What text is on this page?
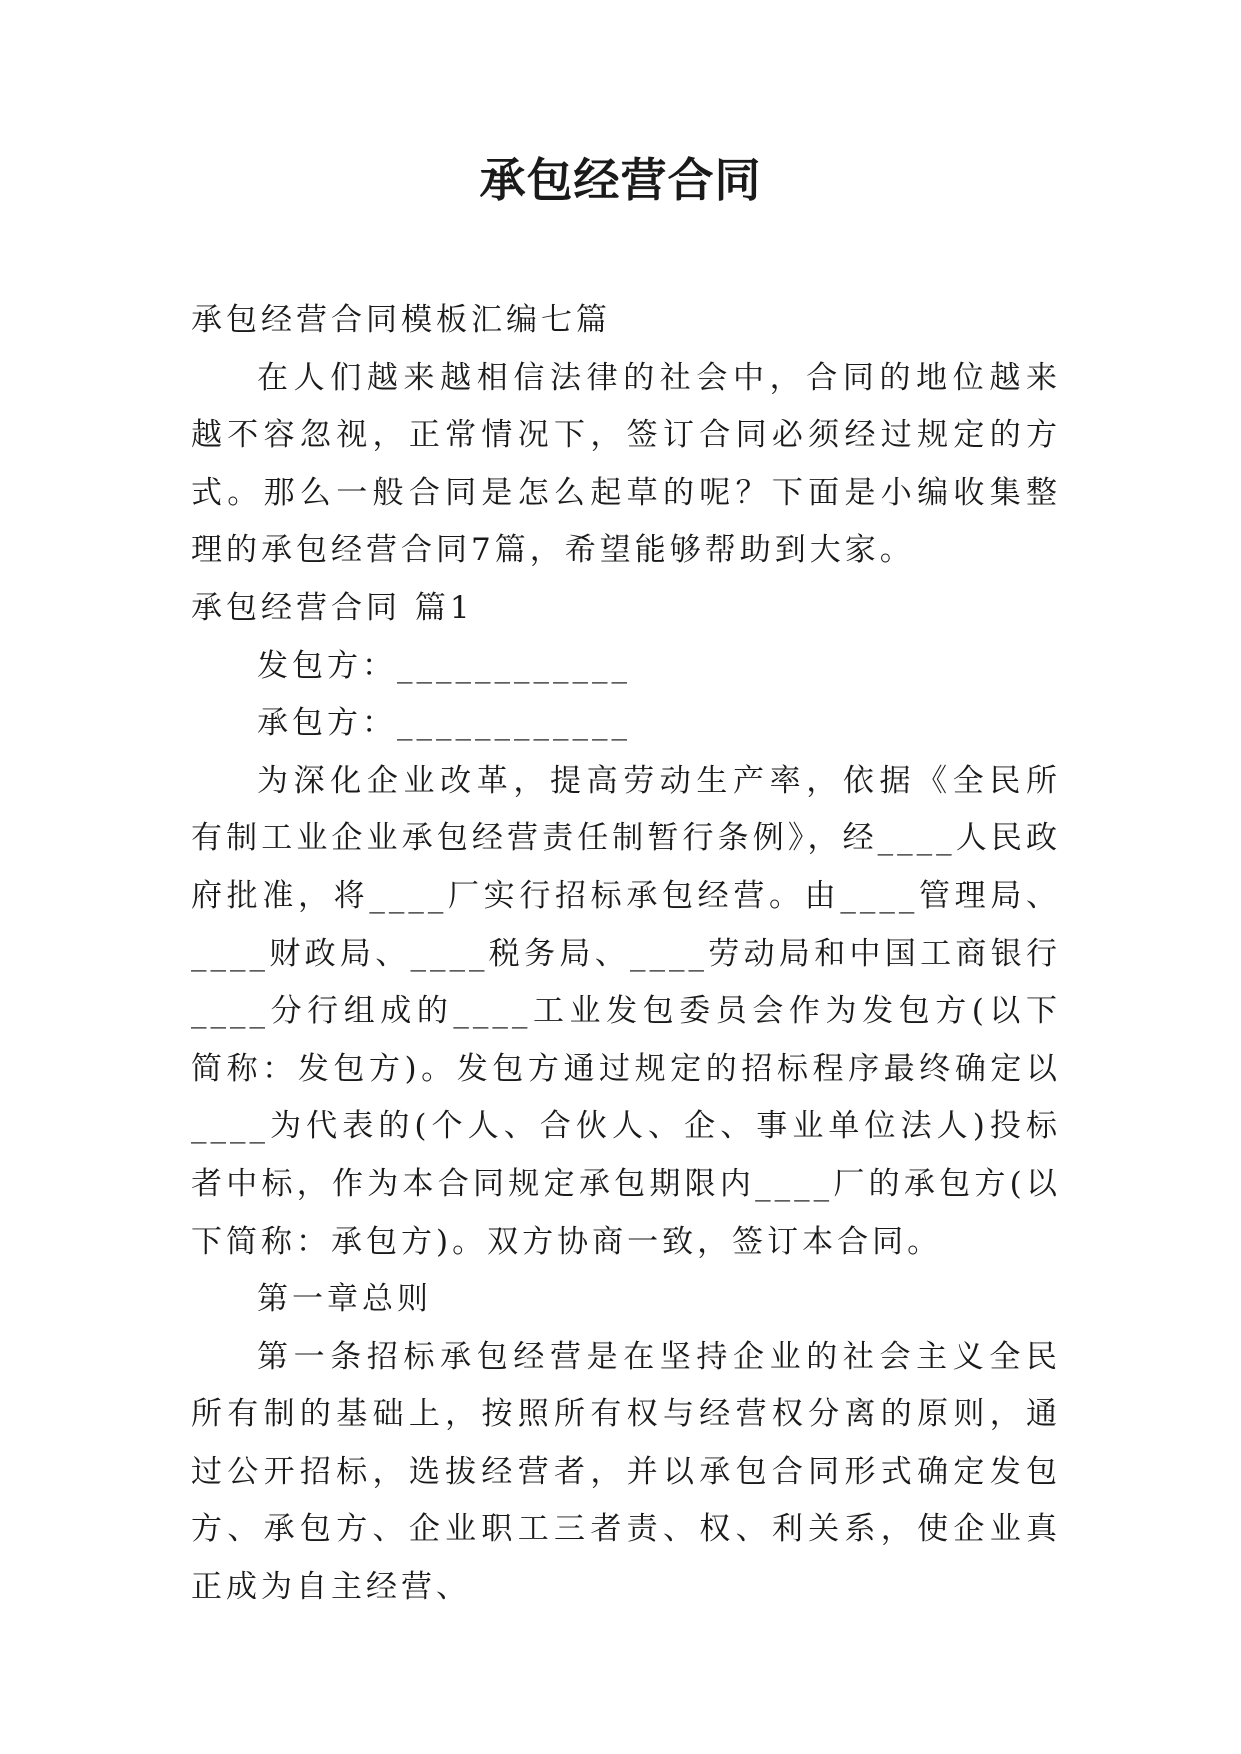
承包经营合同

承包经营合同模板汇编七篇

在人们越来越相信法律的社会中，合同的地位越来越不容忽视，正常情况下，签订合同必须经过规定的方式。那么一般合同是怎么起草的呢？下面是小编收集整理的承包经营合同7篇，希望能够帮助到大家。

承包经营合同 篇1

发包方：____________

承包方：____________

为深化企业改革，提高劳动生产率，依据《全民所有制工业企业承包经营责任制暂行条例》，经____人民政府批准，将____厂实行招标承包经营。由____管理局、____财政局、____税务局、____劳动局和中国工商银行____分行组成的____工业发包委员会作为发包方(以下简称：发包方)。发包方通过规定的招标程序最终确定以____为代表的(个人、合伙人、企、事业单位法人)投标者中标，作为本合同规定承包期限内____厂的承包方(以下简称：承包方)。双方协商一致，签订本合同。

第一章总则

第一条招标承包经营是在坚持企业的社会主义全民所有制的基础上，按照所有权与经营权分离的原则，通过公开招标，选拔经营者，并以承包合同形式确定发包方、承包方、企业职工三者责、权、利关系，使企业真正成为自主经营、
